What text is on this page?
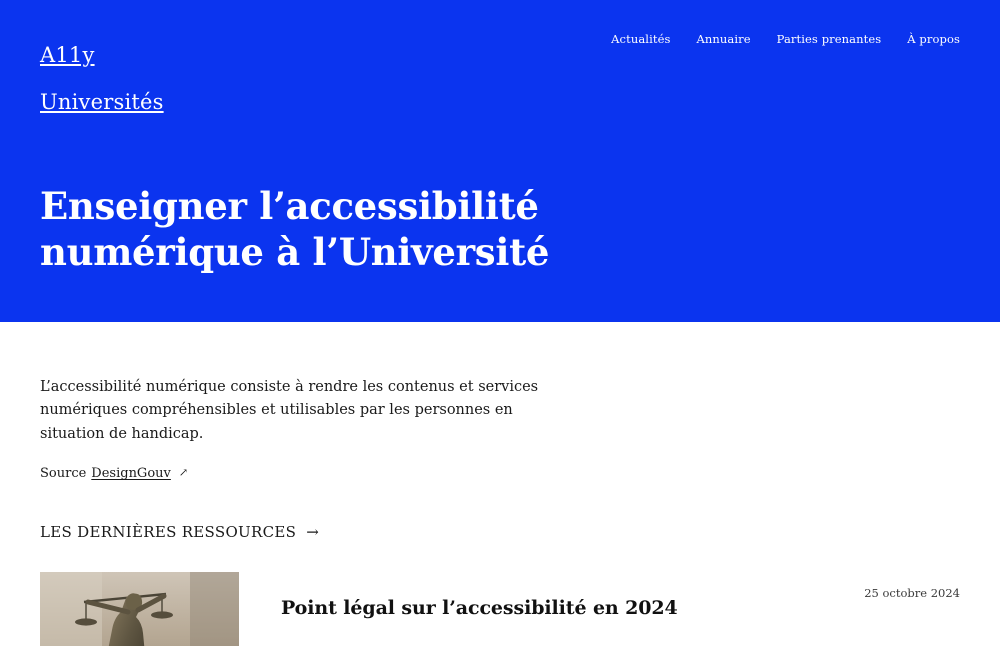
A11y

Universités

Actualités Annuaire Parties prenantes À propos
Enseigner l’accessibilité
numérique à l’Université

L’accessibilité numérique consiste à rendre les contenus et services
numériques compréhensibles et utilisables par les personnes en
situation de handicap.

Source DesignGouv ↗
LES DERNIÈRES RESSOURCES →
Point légal sur l’accessibilité en 2024
25 octobre 2024
